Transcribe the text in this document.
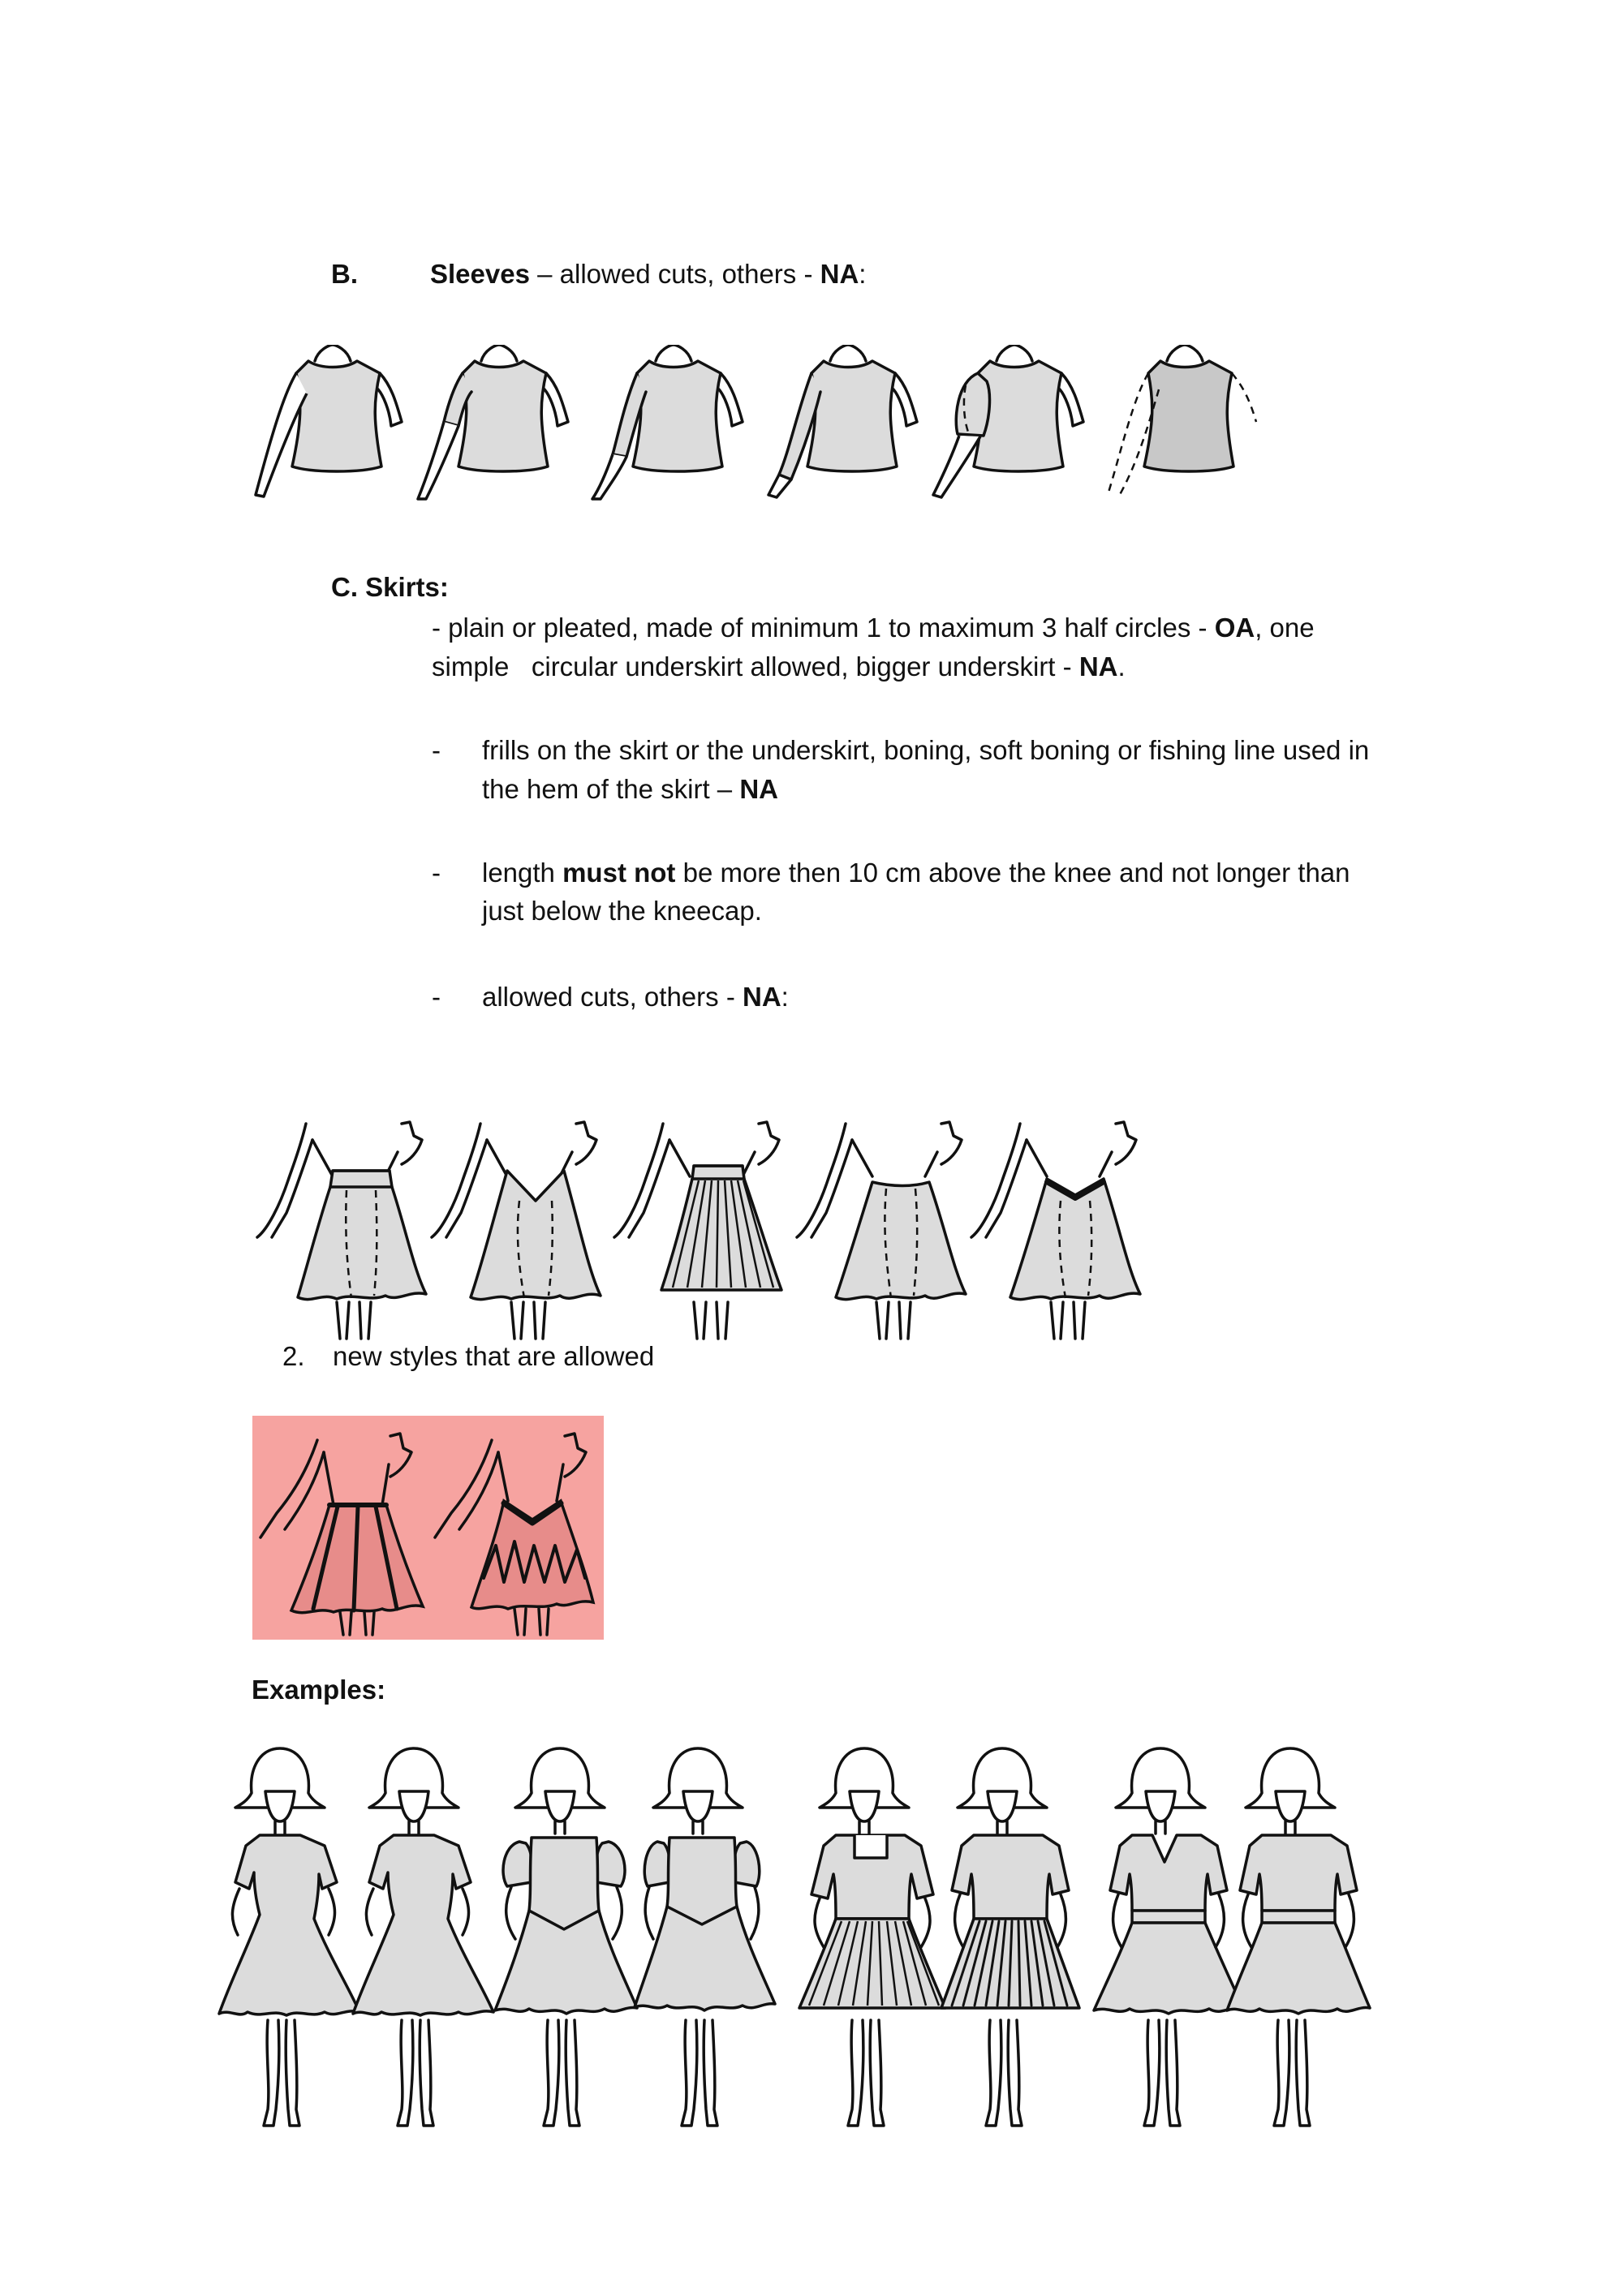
B.	Sleeves – allowed cuts, others - NA:
C. Skirts:
- plain or pleated, made of minimum 1 to maximum 3 half circles - OA, one
simple   circular underskirt allowed, bigger underskirt - NA.
- frills on the skirt or the underskirt, boning, soft boning or fishing line used in
the hem of the skirt – NA
- length must not be more then 10 cm above the knee and not longer than
just below the kneecap.
- allowed cuts, others - NA:
2. new styles that are allowed
Examples:
